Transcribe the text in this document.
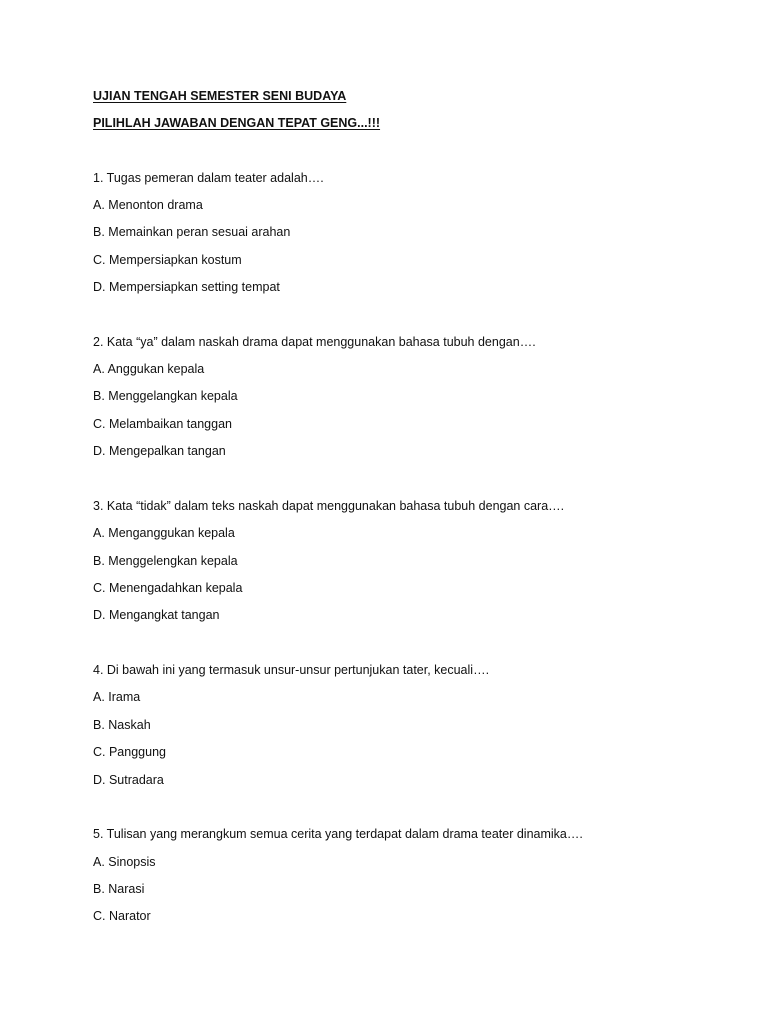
UJIAN TENGAH SEMESTER SENI BUDAYA
PILIHLAH JAWABAN DENGAN TEPAT GENG...!!!
1. Tugas pemeran dalam teater adalah….
A. Menonton drama
B. Memainkan peran sesuai arahan
C. Mempersiapkan kostum
D. Mempersiapkan setting tempat
2. Kata “ya” dalam naskah drama dapat menggunakan bahasa tubuh dengan….
A. Anggukan kepala
B. Menggelangkan kepala
C. Melambaikan tanggan
D. Mengepalkan tangan
3. Kata “tidak” dalam teks naskah dapat menggunakan bahasa tubuh dengan cara….
A. Menganggukan kepala
B. Menggelengkan kepala
C. Menengadahkan kepala
D. Mengangkat tangan
4. Di bawah ini yang termasuk unsur-unsur pertunjukan tater, kecuali….
A. Irama
B. Naskah
C. Panggung
D. Sutradara
5. Tulisan yang merangkum semua cerita yang terdapat dalam drama teater dinamika….
A. Sinopsis
B. Narasi
C. Narator
